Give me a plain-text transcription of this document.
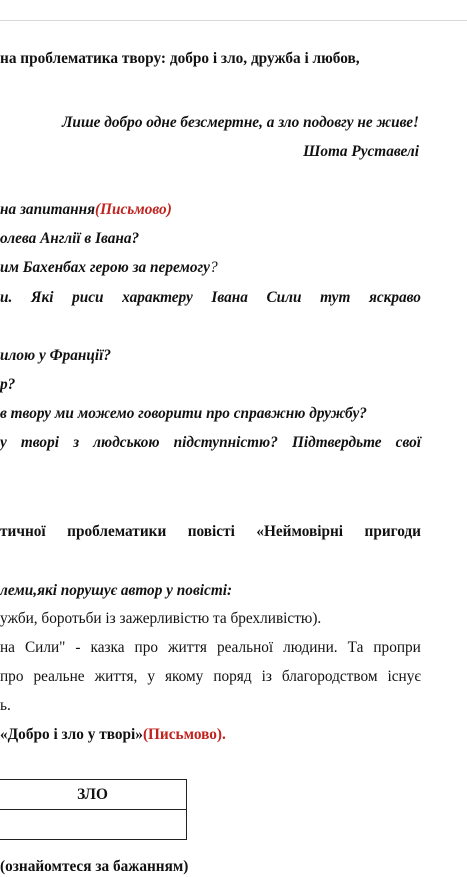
на проблематика твору: добро і зло, дружба і любов,
Лише добро одне безсмертне, а зло подовгу не живе!
Шота Руставелі
на запитання(Письмово)
олева Англії в Івана?
им Бахенбах герою за перемогу?
и. Які риси характеру Івана Сили тут яскраво
илою у Франції?
р?
в твору ми можемо говорити про справжню дружбу?
у творі з людською підступністю? Підтвердьте свої
тичної проблематики повісті «Неймовірні пригоди
леми,які порушує автор у повісті:
ужби, боротьби із зажерливістю та брехливістю).
на Сили" - казка про життя реальної людини. Та пропри
про реальне життя, у якому поряд із благородством існує
ь.
«Добро і зло у творі»(Письмово).
ЗЛО

(ознайомтеся за бажанням)
